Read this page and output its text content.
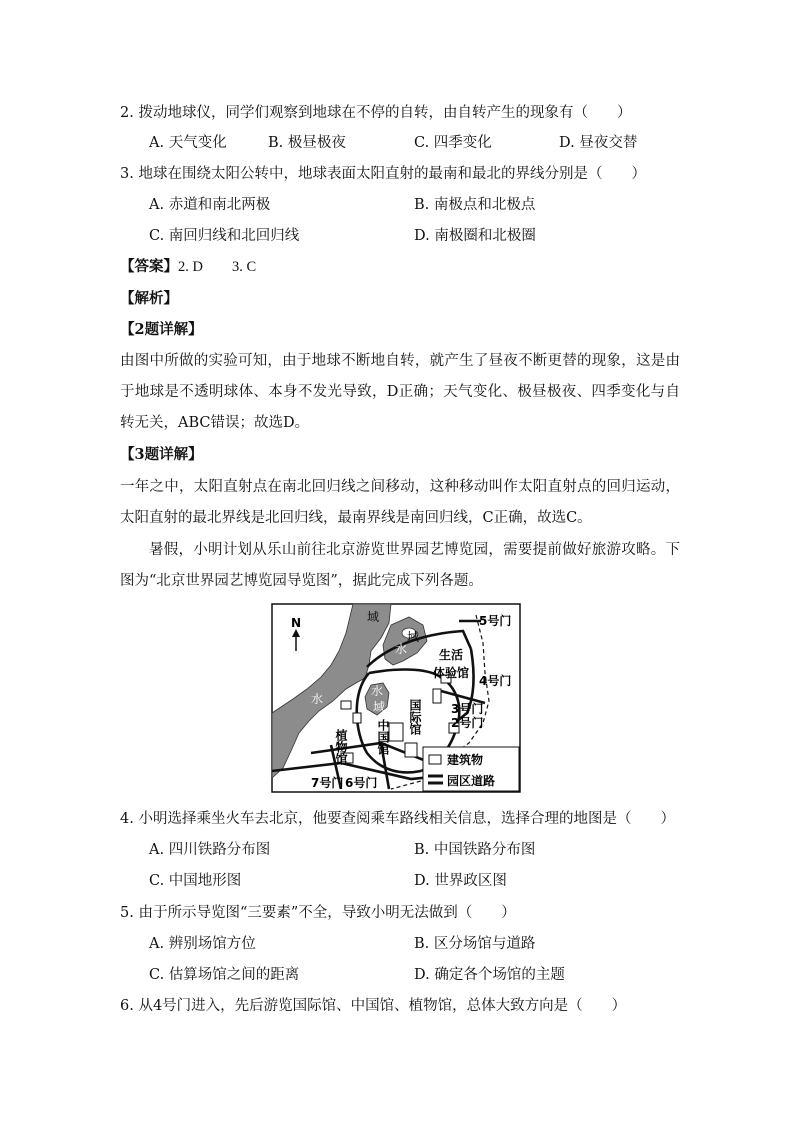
2. 拨动地球仪，同学们观察到地球在不停的自转，由自转产生的现象有（　　）
A. 天气变化	B. 极昼极夜	C. 四季变化	D. 昼夜交替
3. 地球在围绕太阳公转中，地球表面太阳直射的最南和最北的界线分别是（　　）
A. 赤道和南北两极	B. 南极点和北极点
C. 南回归线和北回归线	D. 南极圈和北极圈
【答案】2. D　　3. C
【解析】
【2题详解】
由图中所做的实验可知，由于地球不断地自转，就产生了昼夜不断更替的现象，这是由于地球是不透明球体、本身不发光导致，D正确；天气变化、极昼极夜、四季变化与自转无关，ABC错误；故选D。
【3题详解】
一年之中，太阳直射点在南北回归线之间移动，这种移动叫作太阳直射点的回归运动，太阳直射的最北界线是北回归线，最南界线是南回归线，C正确，故选C。
暑假，小明计划从乐山前往北京游览世界园艺博览园，需要提前做好旅游攻略。下图为“北京世界园艺博览园导览图”，据此完成下列各题。
N	域
水
域
水
水
域
5号门
4号门
3号门
2号门
6号门
7号门
生活
体验馆
国际馆
中国馆
植物馆	建筑物
园区道路
4. 小明选择乘坐火车去北京，他要查阅乘车路线相关信息，选择合理的地图是（　　）
A. 四川铁路分布图	B. 中国铁路分布图
C. 中国地形图	D. 世界政区图
5. 由于所示导览图“三要素”不全，导致小明无法做到（　　）
A. 辨别场馆方位	B. 区分场馆与道路
C. 估算场馆之间的距离	D. 确定各个场馆的主题
6. 从4号门进入，先后游览国际馆、中国馆、植物馆，总体大致方向是（　　）
